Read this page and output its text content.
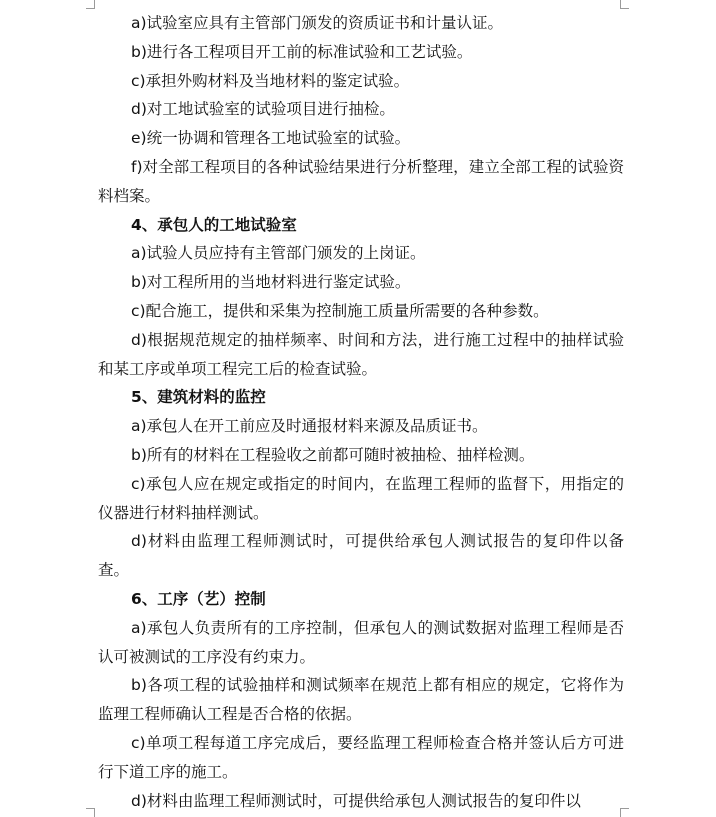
a)试验室应具有主管部门颁发的资质证书和计量认证。

b)进行各工程项目开工前的标准试验和工艺试验。

c)承担外购材料及当地材料的鉴定试验。

d)对工地试验室的试验项目进行抽检。

e)统一协调和管理各工地试验室的试验。

f)对全部工程项目的各种试验结果进行分析整理，建立全部工程的试验资料档案。

4、承包人的工地试验室

a)试验人员应持有主管部门颁发的上岗证。

b)对工程所用的当地材料进行鉴定试验。

c)配合施工，提供和采集为控制施工质量所需要的各种参数。

d)根据规范规定的抽样频率、时间和方法，进行施工过程中的抽样试验和某工序或单项工程完工后的检查试验。

5、建筑材料的监控

a)承包人在开工前应及时通报材料来源及品质证书。

b)所有的材料在工程验收之前都可随时被抽检、抽样检测。

c)承包人应在规定或指定的时间内，在监理工程师的监督下，用指定的仪器进行材料抽样测试。

d)材料由监理工程师测试时，可提供给承包人测试报告的复印件以备查。

6、工序（艺）控制

a)承包人负责所有的工序控制，但承包人的测试数据对监理工程师是否认可被测试的工序没有约束力。

b)各项工程的试验抽样和测试频率在规范上都有相应的规定，它将作为监理工程师确认工程是否合格的依据。

c)单项工程每道工序完成后，要经监理工程师检查合格并签认后方可进行下道工序的施工。

d)材料由监理工程师测试时，可提供给承包人测试报告的复印件以
